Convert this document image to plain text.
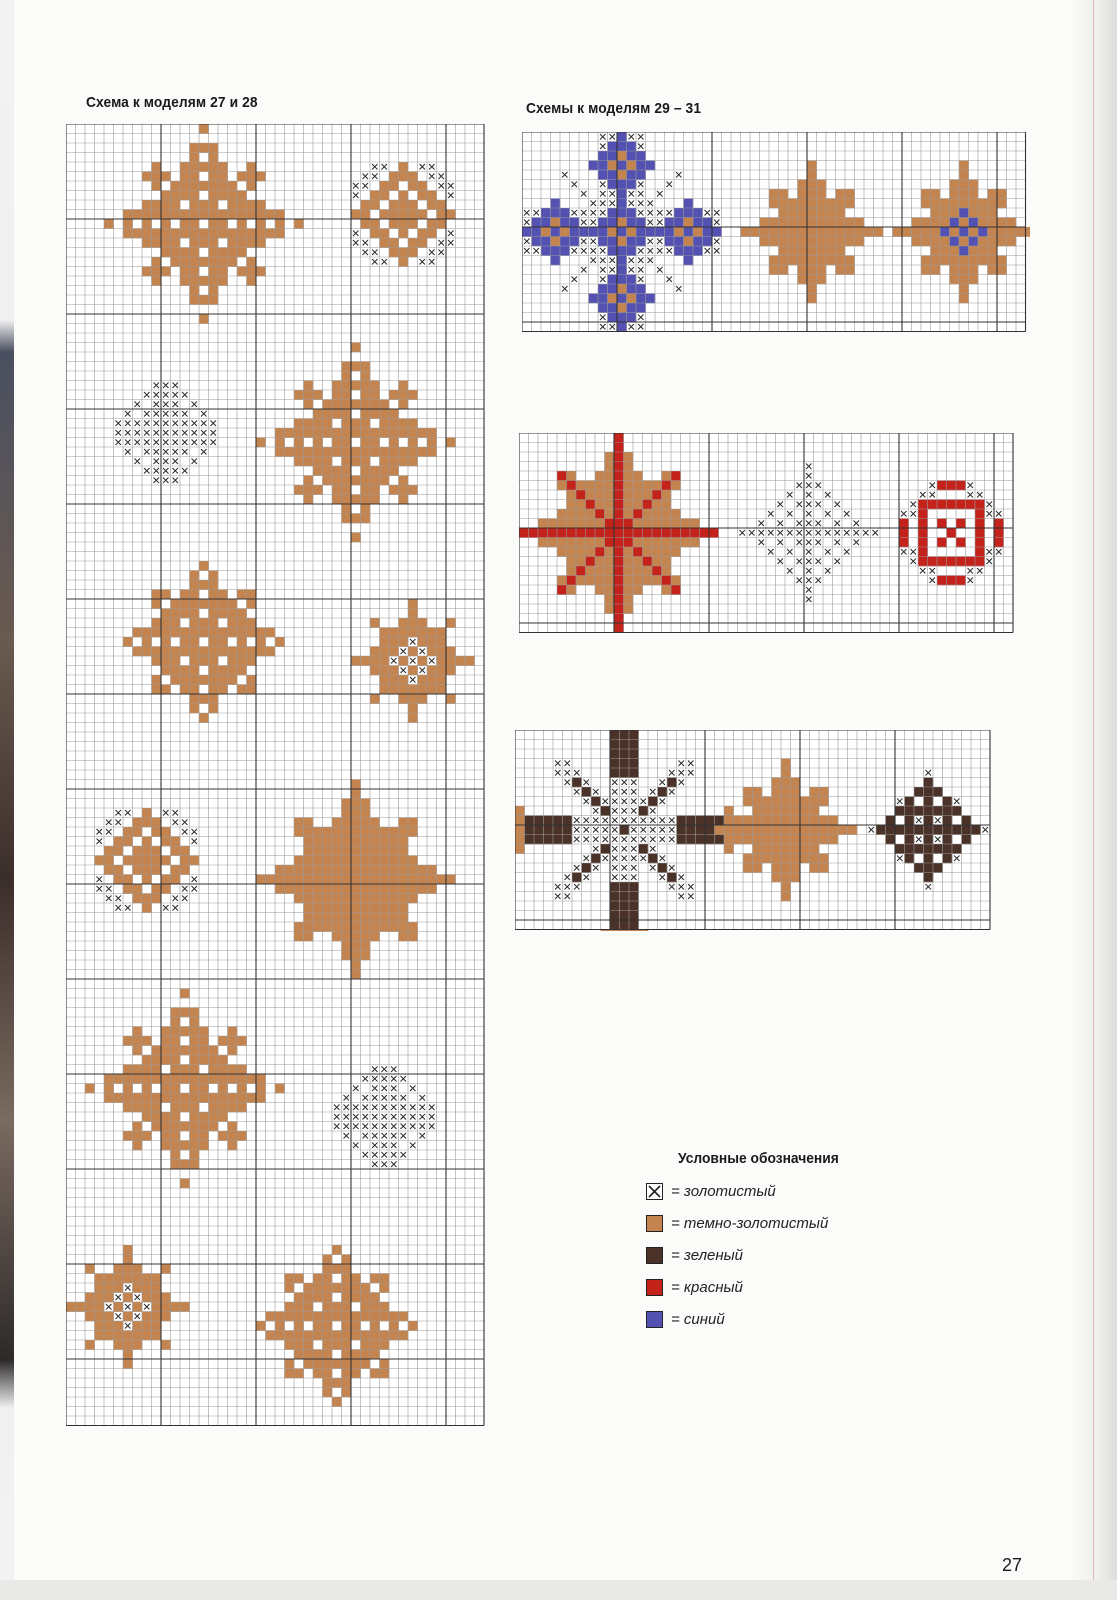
Схема к моделям 27 и 28	Схемы к моделям 29 – 31
Условные обозначения
= золотистый
= темно-золотистый
= зеленый
= красный
= синий
27
